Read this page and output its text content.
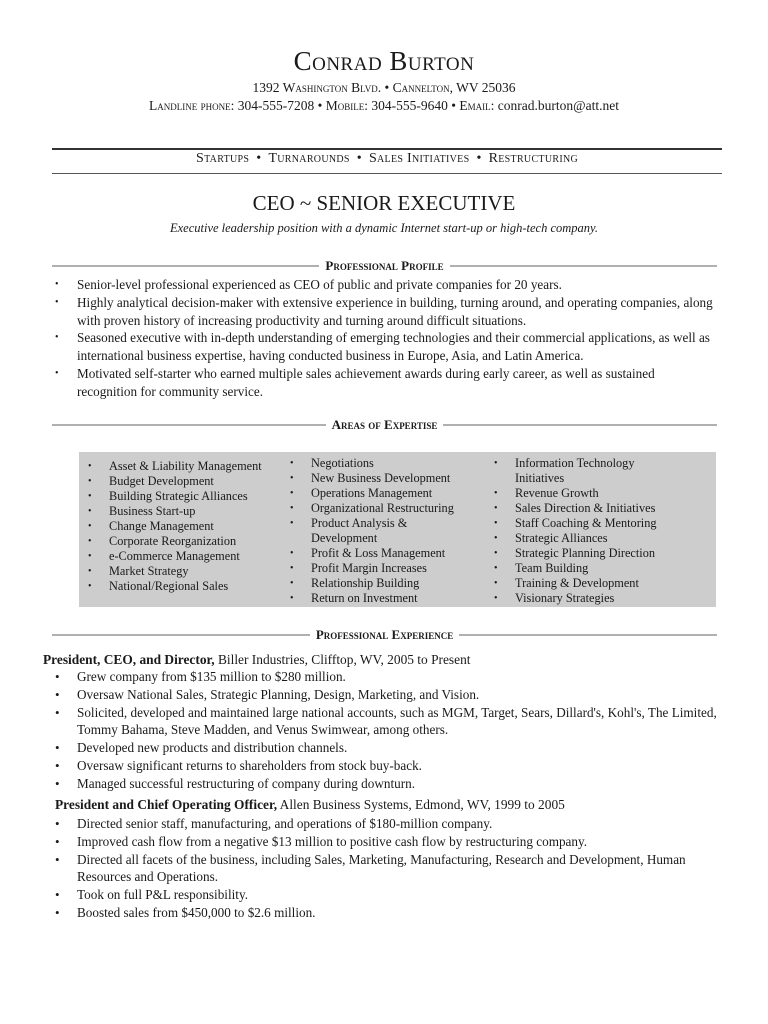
Conrad Burton
1392 Washington Blvd. • Cannelton, WV 25036
Landline phone: 304-555-7208 • Mobile: 304-555-9640 • Email: conrad.burton@att.net
Startups • Turnarounds • Sales Initiatives • Restructuring
CEO ~ SENIOR EXECUTIVE
Executive leadership position with a dynamic Internet start-up or high-tech company.
Professional Profile
• Senior-level professional experienced as CEO of public and private companies for 20 years.
• Highly analytical decision-maker with extensive experience in building, turning around, and operating companies, along with proven history of increasing productivity and turning around difficult situations.
• Seasoned executive with in-depth understanding of emerging technologies and their commercial applications, as well as international business expertise, having conducted business in Europe, Asia, and Latin America.
• Motivated self-starter who earned multiple sales achievement awards during early career, as well as sustained recognition for community service.
Areas of Expertise
• Asset & Liability Management
• Budget Development
• Building Strategic Alliances
• Business Start-up
• Change Management
• Corporate Reorganization
• e-Commerce Management
• Market Strategy
• National/Regional Sales
• Negotiations
• New Business Development
• Operations Management
• Organizational Restructuring
• Product Analysis & Development
• Profit & Loss Management
• Profit Margin Increases
• Relationship Building
• Return on Investment
• Information Technology Initiatives
• Revenue Growth
• Sales Direction & Initiatives
• Staff Coaching & Mentoring
• Strategic Alliances
• Strategic Planning Direction
• Team Building
• Training & Development
• Visionary Strategies
Professional Experience
President, CEO, and Director, Biller Industries, Clifftop, WV, 2005 to Present
• Grew company from $135 million to $280 million.
• Oversaw National Sales, Strategic Planning, Design, Marketing, and Vision.
• Solicited, developed and maintained large national accounts, such as MGM, Target, Sears, Dillard's, Kohl's, The Limited, Tommy Bahama, Steve Madden, and Venus Swimwear, among others.
• Developed new products and distribution channels.
• Oversaw significant returns to shareholders from stock buy-back.
• Managed successful restructuring of company during downturn.
President and Chief Operating Officer, Allen Business Systems, Edmond, WV, 1999 to 2005
• Directed senior staff, manufacturing, and operations of $180-million company.
• Improved cash flow from a negative $13 million to positive cash flow by restructuring company.
• Directed all facets of the business, including Sales, Marketing, Manufacturing, Research and Development, Human Resources and Operations.
• Took on full P&L responsibility.
• Boosted sales from $450,000 to $2.6 million.
